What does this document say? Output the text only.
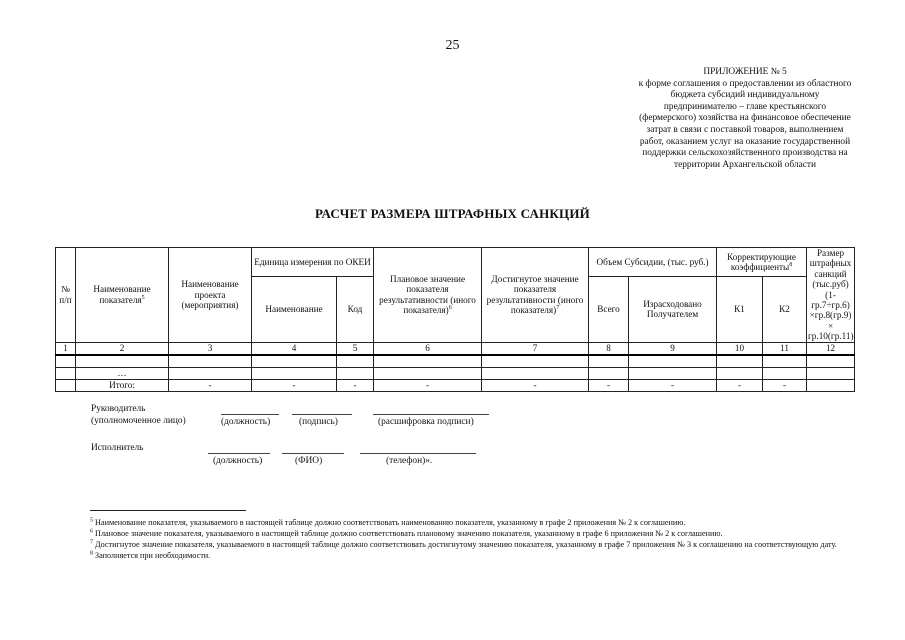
25
ПРИЛОЖЕНИЕ № 5
к форме соглашения о предоставлении из областного
бюджета субсидий индивидуальному
предпринимателю – главе крестьянского
(фермерского) хозяйства на финансовое обеспечение
затрат в связи с поставкой товаров, выполнением
работ, оказанием услуг на оказание государственной
поддержки сельскохозяйственного производства на
территории Архангельской области
РАСЧЕТ РАЗМЕРА ШТРАФНЫХ САНКЦИЙ
№ п/п	Наименование показателя$^5$	Наименование проекта (мероприятия)	Единица измерения по ОКЕИ		Плановое значение показателя результативности (иного показателя)$^6$	Достигнутое значение показателя результативности (иного показателя)$^7$	Объем Субсидии, (тыс. руб.)		Корректирующие коэффициенты$^8$		Размер штрафных санкций (тыс.руб) (1-гр.7÷гр.6) ×гр.8(гр.9) × гр.10(гр.11)
			Наименование	Код			Всего	Израсходовано Получателем	К1	К2	
1	2	3	4	5	6	7	8	9	10	11	12

	…										
	Итого:	-	-	-	-	-	-	-	-	-	
Руководитель
(уполномоченное лицо)	(должность)	(подпись)	(расшифровка подписи)
Исполнитель
(должность)	(ФИО)	(телефон)».

$^5$ Наименование показателя, указываемого в настоящей таблице должно соответствовать наименованию показателя, указанному в графе 2 приложения № 2 к соглашению.

$^6$ Плановое значение показателя, указываемого в настоящей таблице должно соответствовать плановому значению показателя, указанному в графе 6 приложения № 2 к соглашению.

$^7$ Достигнутое значение показателя, указываемого в настоящей таблице должно соответствовать достигнутому значению показателя, указанному в графе 7 приложения № 3 к соглашению на соответствующую дату.

$^8$ Заполняется при необходимости.
